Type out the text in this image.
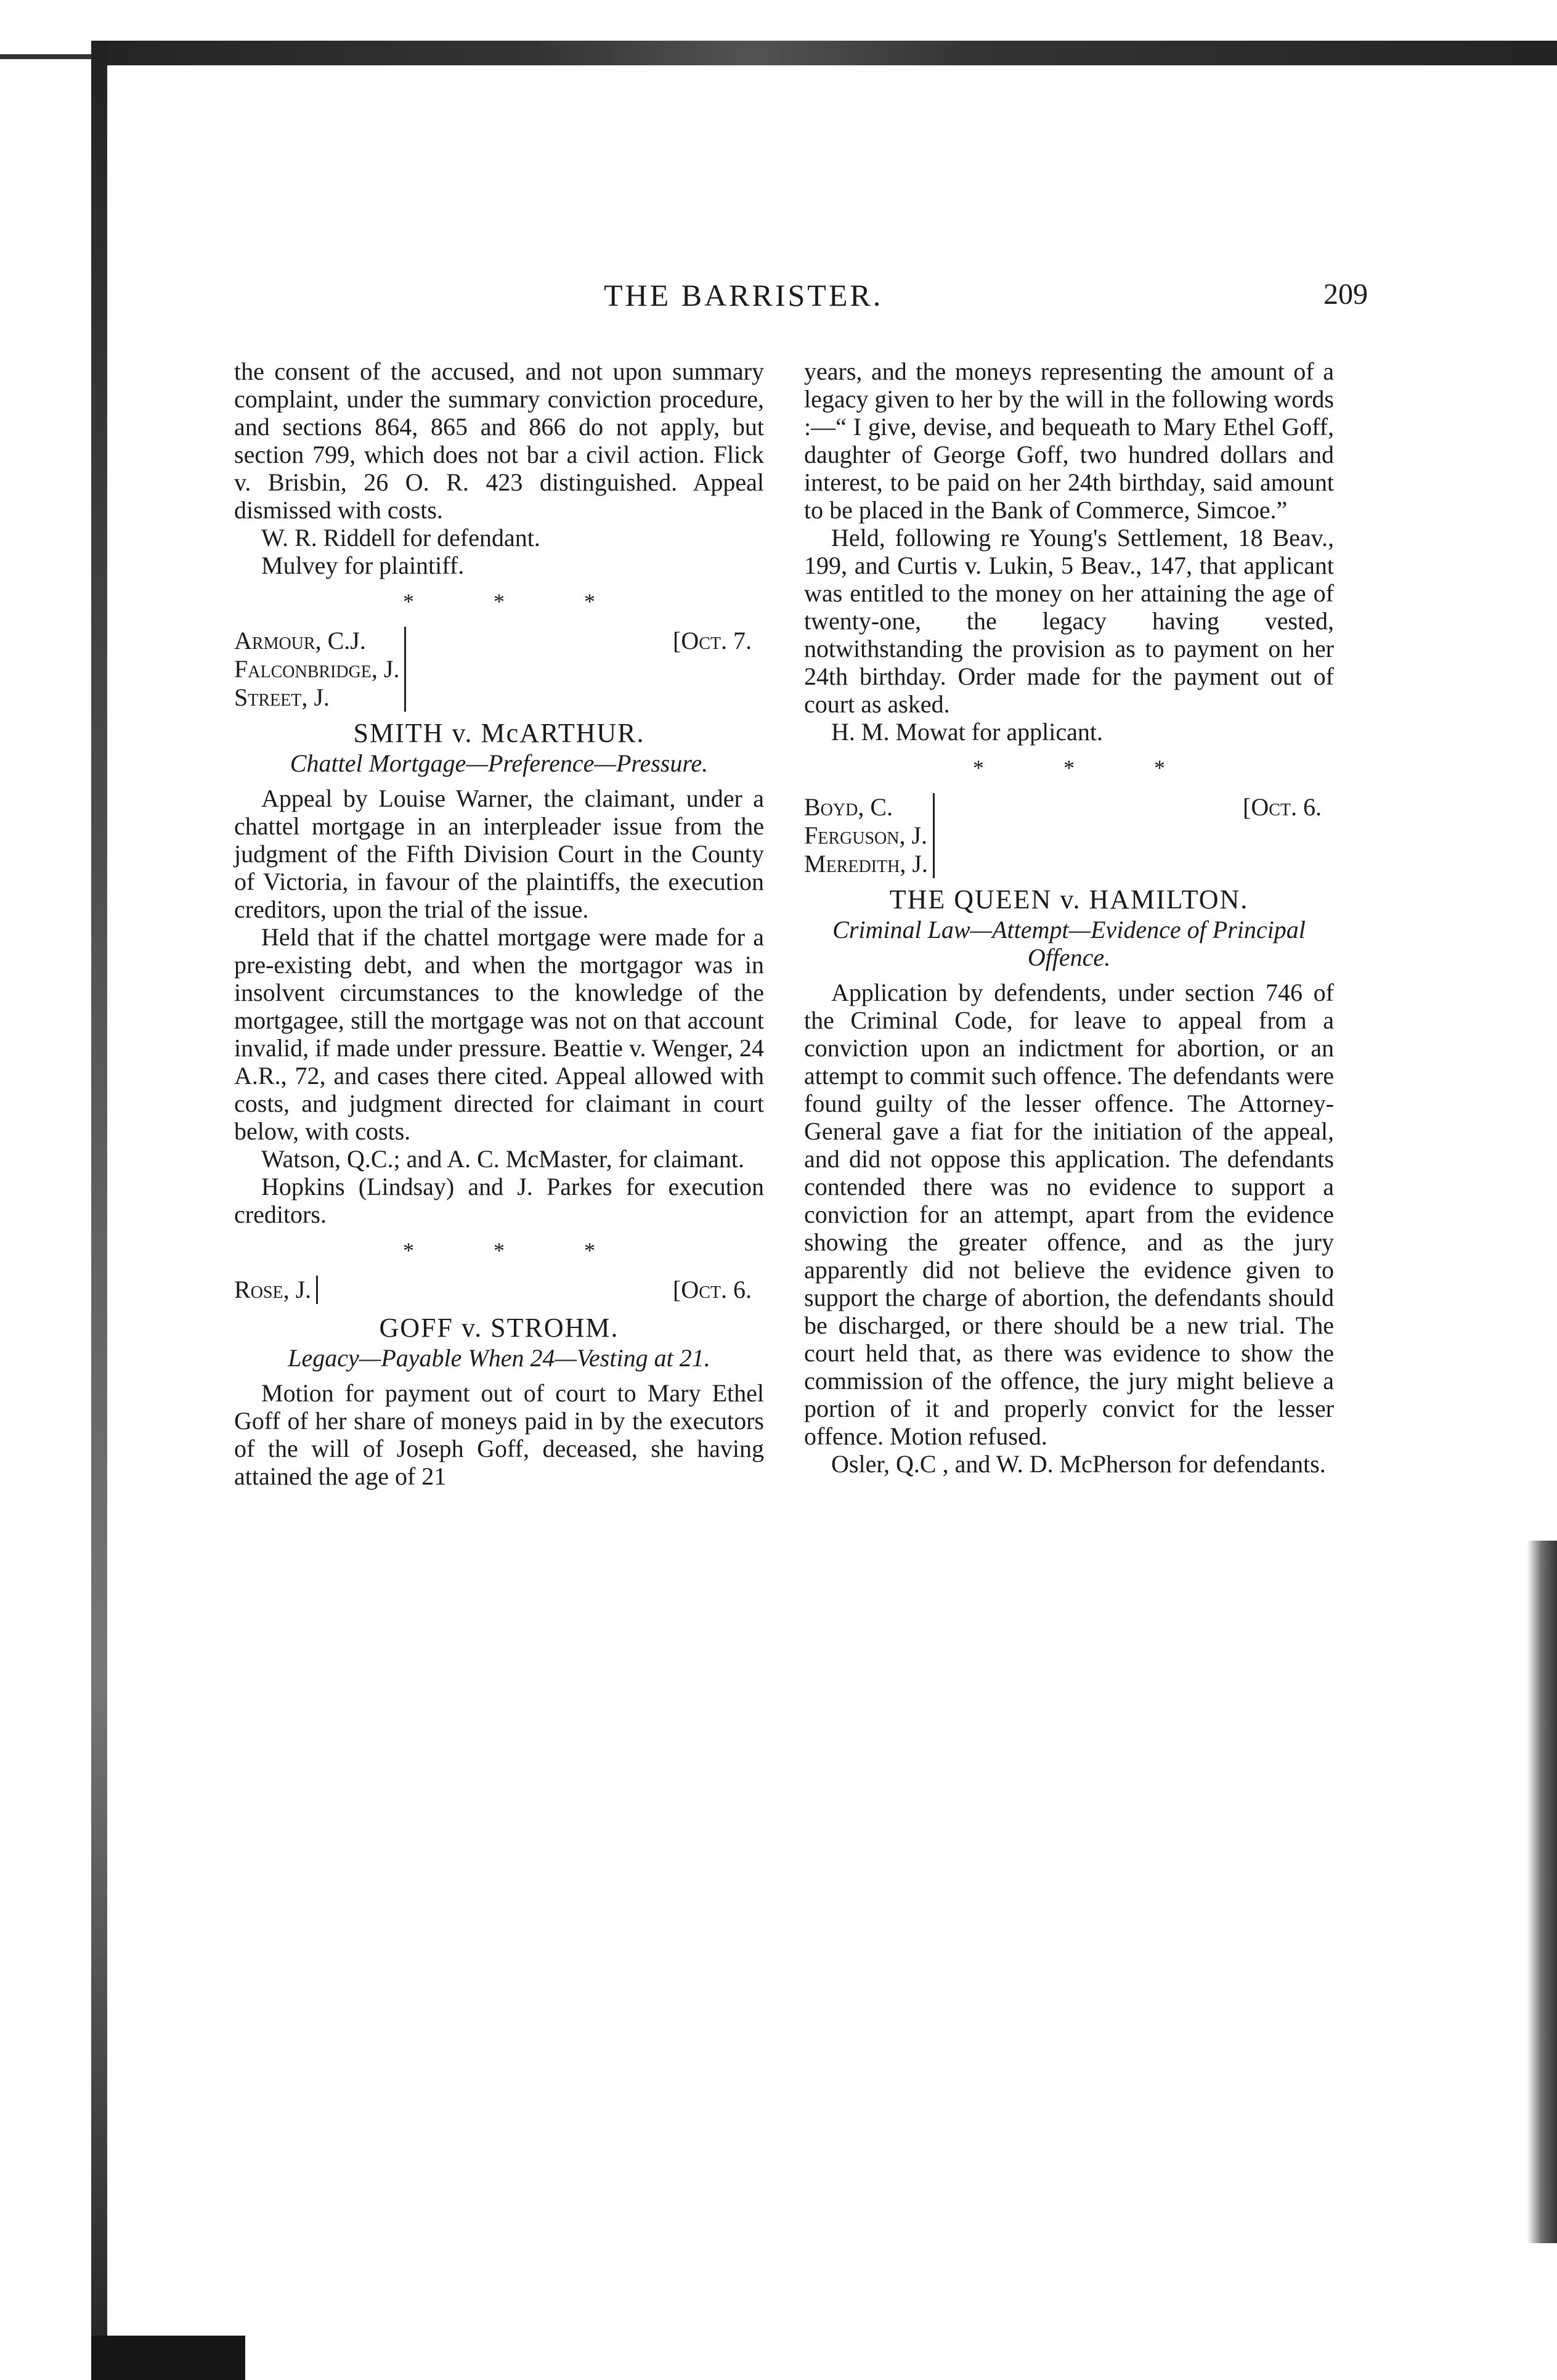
THE BARRISTER.	209

the consent of the accused, and not upon summary complaint, under the summary conviction procedure, and sections 864, 865 and 866 do not apply, but section 799, which does not bar a civil action. Flick v. Brisbin, 26 O. R. 423 distinguished. Appeal dismissed with costs.

W. R. Riddell for defendant.

Mulvey for plaintiff.

* * *
Armour, C.J.
Falconbridge, J.
Street, J.
[Oct. 7.
SMITH v. McARTHUR.
Chattel Mortgage—Preference—Pressure.

Appeal by Louise Warner, the claimant, under a chattel mortgage in an interpleader issue from the judgment of the Fifth Division Court in the County of Victoria, in favour of the plaintiffs, the execution creditors, upon the trial of the issue.

Held that if the chattel mortgage were made for a pre-existing debt, and when the mortgagor was in insolvent circumstances to the knowledge of the mortgagee, still the mortgage was not on that account invalid, if made under pressure. Beattie v. Wenger, 24 A.R., 72, and cases there cited. Appeal allowed with costs, and judgment directed for claimant in court below, with costs.

Watson, Q.C.; and A. C. McMaster, for claimant.

Hopkins (Lindsay) and J. Parkes for execution creditors.

* * *
Rose, J.	[Oct. 6.
GOFF v. STROHM.
Legacy—Payable When 24—Vesting at 21.

Motion for payment out of court to Mary Ethel Goff of her share of moneys paid in by the executors of the will of Joseph Goff, deceased, she having attained the age of 21

years, and the moneys representing the amount of a legacy given to her by the will in the following words :—“ I give, devise, and bequeath to Mary Ethel Goff, daughter of George Goff, two hundred dollars and interest, to be paid on her 24th birthday, said amount to be placed in the Bank of Commerce, Simcoe.”

Held, following re Young's Settlement, 18 Beav., 199, and Curtis v. Lukin, 5 Beav., 147, that applicant was entitled to the money on her attaining the age of twenty-one, the legacy having vested, notwithstanding the provision as to payment on her 24th birthday. Order made for the payment out of court as asked.

H. M. Mowat for applicant.

* * *
Boyd, C.
Ferguson, J.
Meredith, J.
[Oct. 6.
THE QUEEN v. HAMILTON.
Criminal Law—Attempt—Evidence of Principal Offence.

Application by defendents, under section 746 of the Criminal Code, for leave to appeal from a conviction upon an indictment for abortion, or an attempt to commit such offence. The defendants were found guilty of the lesser offence. The Attorney-General gave a fiat for the initiation of the appeal, and did not oppose this application. The defendants contended there was no evidence to support a conviction for an attempt, apart from the evidence showing the greater offence, and as the jury apparently did not believe the evidence given to support the charge of abortion, the defendants should be discharged, or there should be a new trial. The court held that, as there was evidence to show the commission of the offence, the jury might believe a portion of it and properly convict for the lesser offence. Motion refused.

Osler, Q.C , and W. D. McPherson for defendants.
